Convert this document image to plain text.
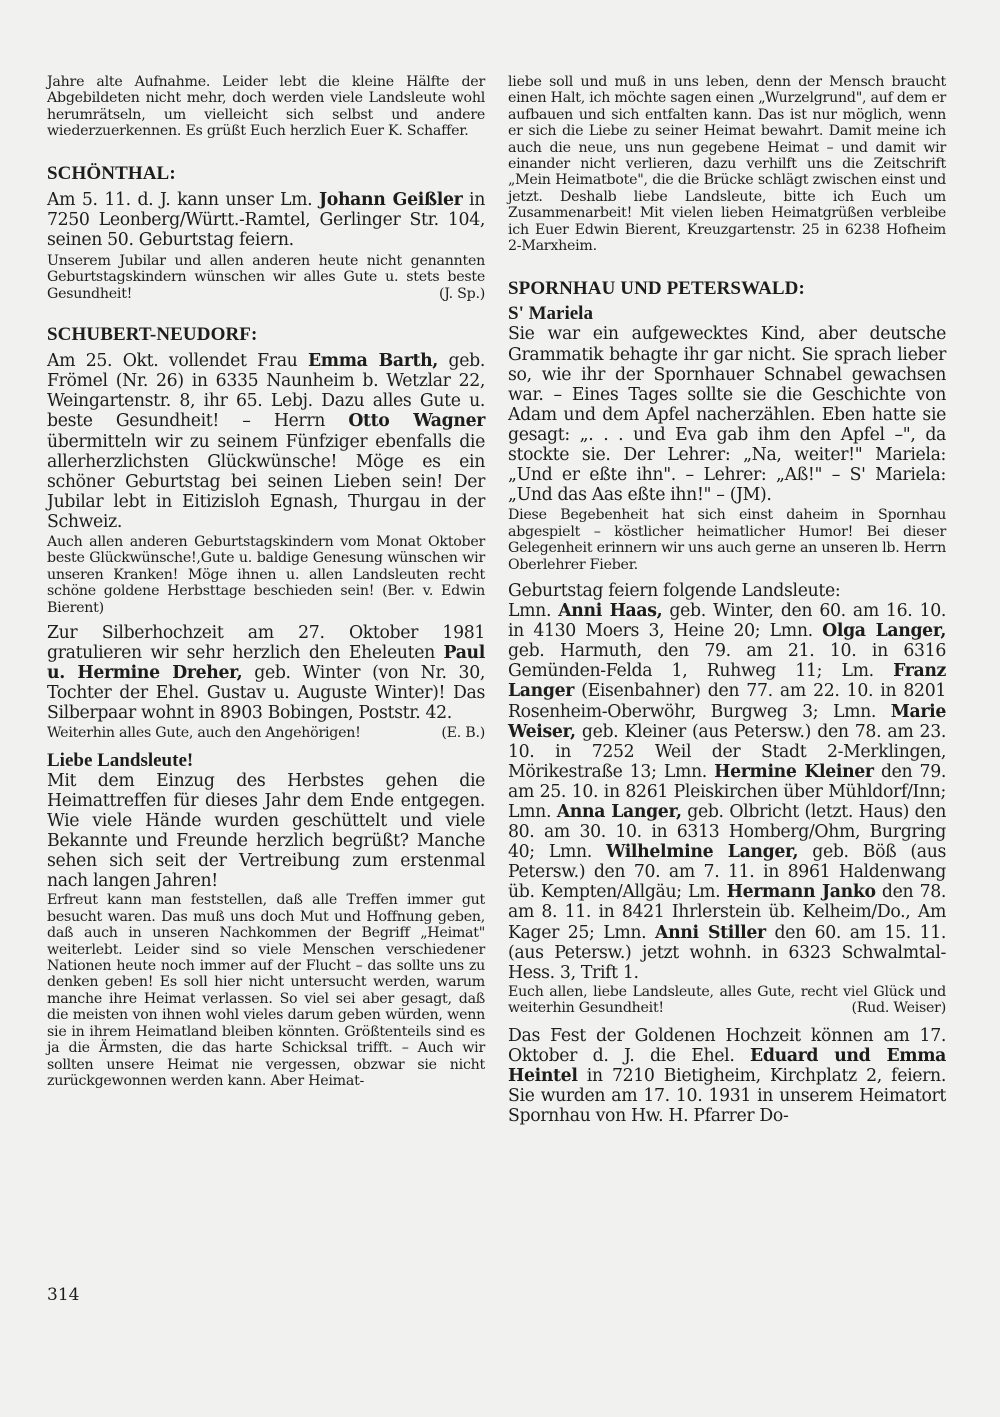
Jahre alte Aufnahme. Leider lebt die kleine Hälfte der Abgebildeten nicht mehr, doch werden viele Landsleute wohl herumrätseln, um vielleicht sich selbst und andere wiederzuerkennen. Es grüßt Euch herzlich Euer K. Schaffer.

SCHÖNTHAL:

Am 5. 11. d. J. kann unser Lm. Johann Geißler in 7250 Leonberg/Württ.-Ramtel, Gerlinger Str. 104, seinen 50. Geburtstag feiern.

Unserem Jubilar und allen anderen heute nicht genannten Geburtstagskindern wünschen wir alles Gute u. stets beste Gesundheit!	(J. Sp.)

SCHUBERT-NEUDORF:

Am 25. Okt. vollendet Frau Emma Barth, geb. Frömel (Nr. 26) in 6335 Naunheim b. Wetzlar 22, Weingartenstr. 8, ihr 65. Lebj. Dazu alles Gute u. beste Gesundheit! – Herrn Otto Wagner übermitteln wir zu seinem Fünfziger ebenfalls die allerherzlichsten Glückwünsche! Möge es ein schöner Geburtstag bei seinen Lieben sein! Der Jubilar lebt in Eitizisloh Egnash, Thurgau in der Schweiz.

Auch allen anderen Geburtstagskindern vom Monat Oktober beste Glückwünsche!,Gute u. baldige Genesung wünschen wir unseren Kranken! Möge ihnen u. allen Landsleuten recht schöne goldene Herbsttage beschieden sein! (Ber. v. Edwin Bierent)

Zur Silberhochzeit am 27. Oktober 1981 gratulieren wir sehr herzlich den Eheleuten Paul u. Hermine Dreher, geb. Winter (von Nr. 30, Tochter der Ehel. Gustav u. Auguste Winter)! Das Silberpaar wohnt in 8903 Bobingen, Poststr. 42.

Weiterhin alles Gute, auch den Angehörigen!	(E. B.)

Liebe Landsleute!

Mit dem Einzug des Herbstes gehen die Heimattreffen für dieses Jahr dem Ende entgegen. Wie viele Hände wurden geschüttelt und viele Bekannte und Freunde herzlich begrüßt? Manche sehen sich seit der Vertreibung zum erstenmal nach langen Jahren!

Erfreut kann man feststellen, daß alle Treffen immer gut besucht waren. Das muß uns doch Mut und Hoffnung geben, daß auch in unseren Nachkommen der Begriff „Heimat" weiterlebt. Leider sind so viele Menschen verschiedener Nationen heute noch immer auf der Flucht – das sollte uns zu denken geben! Es soll hier nicht untersucht werden, warum manche ihre Heimat verlassen. So viel sei aber gesagt, daß die meisten von ihnen wohl vieles darum geben würden, wenn sie in ihrem Heimatland bleiben könnten. Größtenteils sind es ja die Ärmsten, die das harte Schicksal trifft. – Auch wir sollten unsere Heimat nie vergessen, obzwar sie nicht zurückgewonnen werden kann. Aber Heimat-

liebe soll und muß in uns leben, denn der Mensch braucht einen Halt, ich möchte sagen einen „Wurzelgrund", auf dem er aufbauen und sich entfalten kann. Das ist nur möglich, wenn er sich die Liebe zu seiner Heimat bewahrt. Damit meine ich auch die neue, uns nun gegebene Heimat – und damit wir einander nicht verlieren, dazu verhilft uns die Zeitschrift „Mein Heimatbote", die die Brücke schlägt zwischen einst und jetzt. Deshalb liebe Landsleute, bitte ich Euch um Zusammenarbeit! Mit vielen lieben Heimatgrüßen verbleibe ich Euer Edwin Bierent, Kreuzgartenstr. 25 in 6238 Hofheim 2-Marxheim.

SPORNHAU UND PETERSWALD:
S' Mariela

Sie war ein aufgewecktes Kind, aber deutsche Grammatik behagte ihr gar nicht. Sie sprach lieber so, wie ihr der Spornhauer Schnabel gewachsen war. – Eines Tages sollte sie die Geschichte von Adam und dem Apfel nacherzählen. Eben hatte sie gesagt: „. . . und Eva gab ihm den Apfel –", da stockte sie. Der Lehrer: „Na, weiter!" Mariela: „Und er eßte ihn". – Lehrer: „Aß!" – S' Mariela: „Und das Aas eßte ihn!" – (JM).

Diese Begebenheit hat sich einst daheim in Spornhau abgespielt – köstlicher heimatlicher Humor! Bei dieser Gelegenheit erinnern wir uns auch gerne an unseren lb. Herrn Oberlehrer Fieber.

Geburtstag feiern folgende Landsleute:

Lmn. Anni Haas, geb. Winter, den 60. am 16. 10. in 4130 Moers 3, Heine 20; Lmn. Olga Langer, geb. Harmuth, den 79. am 21. 10. in 6316 Gemünden-Felda 1, Ruhweg 11; Lm. Franz Langer (Eisenbahner) den 77. am 22. 10. in 8201 Rosenheim-Oberwöhr, Burgweg 3; Lmn. Marie Weiser, geb. Kleiner (aus Petersw.) den 78. am 23. 10. in 7252 Weil der Stadt 2-Merklingen, Mörikestraße 13; Lmn. Hermine Kleiner den 79. am 25. 10. in 8261 Pleiskirchen über Mühldorf/Inn; Lmn. Anna Langer, geb. Olbricht (letzt. Haus) den 80. am 30. 10. in 6313 Homberg/Ohm, Burgring 40; Lmn. Wilhelmine Langer, geb. Böß (aus Petersw.) den 70. am 7. 11. in 8961 Haldenwang üb. Kempten/Allgäu; Lm. Hermann Janko den 78. am 8. 11. in 8421 Ihrlerstein üb. Kelheim/Do., Am Kager 25; Lmn. Anni Stiller den 60. am 15. 11. (aus Petersw.) jetzt wohnh. in 6323 Schwalmtal-Hess. 3, Trift 1.

Euch allen, liebe Landsleute, alles Gute, recht viel Glück und weiterhin Gesundheit!	(Rud. Weiser)

Das Fest der Goldenen Hochzeit können am 17. Oktober d. J. die Ehel. Eduard und Emma Heintel in 7210 Bietigheim, Kirchplatz 2, feiern. Sie wurden am 17. 10. 1931 in unserem Heimatort Spornhau von Hw. H. Pfarrer Do-

314
